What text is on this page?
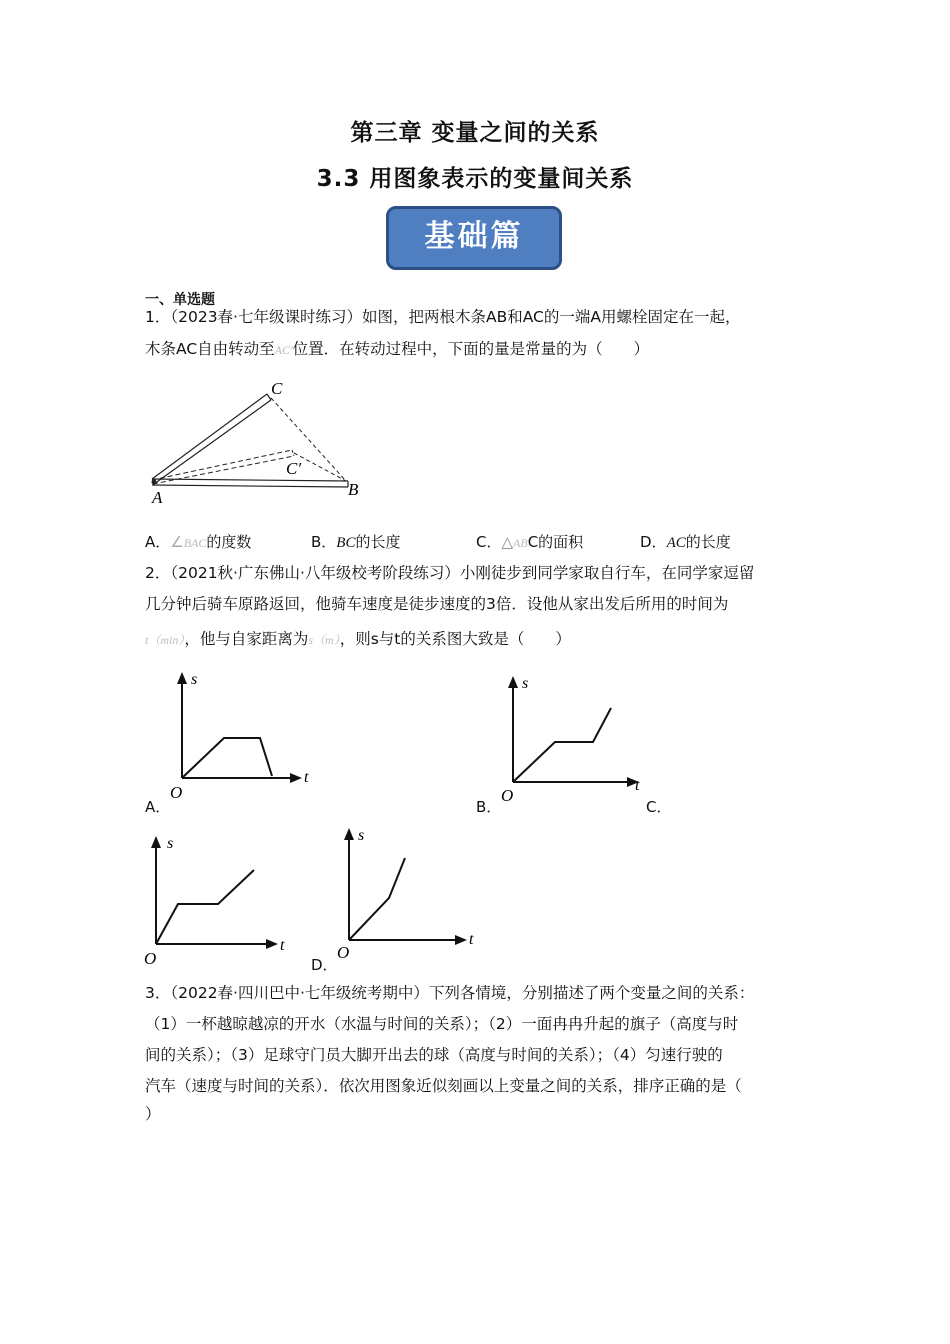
第三章 变量之间的关系
3.3 用图象表示的变量间关系
基础篇
一、单选题
1．（2023春·七年级课时练习）如图，把两根木条AB和AC的一端A用螺栓固定在一起，
木条AC自由转动至AC′位置．在转动过程中，下面的量是常量的为（　　）
A	B
C
C′
A．∠BAC的度数	B．BC的长度	C．△ABC的面积	D．AC的长度
2．（2021秋·广东佛山·八年级校考阶段练习）小刚徒步到同学家取自行车，在同学家逗留
几分钟后骑车原路返回，他骑车速度是徒步速度的3倍．设他从家出发后所用的时间为
t（min），他与自家距离为s（m），则s与t的关系图大致是（　　）
s
t
O
A．
s
t
O
B．	C．
s
t
O
s
t
O
D．
3．（2022春·四川巴中·七年级统考期中）下列各情境，分别描述了两个变量之间的关系：
（1）一杯越晾越凉的开水（水温与时间的关系）；（2）一面冉冉升起的旗子（高度与时
间的关系）；（3）足球守门员大脚开出去的球（高度与时间的关系）；（4）匀速行驶的
汽车（速度与时间的关系）．依次用图象近似刻画以上变量之间的关系，排序正确的是（
）
